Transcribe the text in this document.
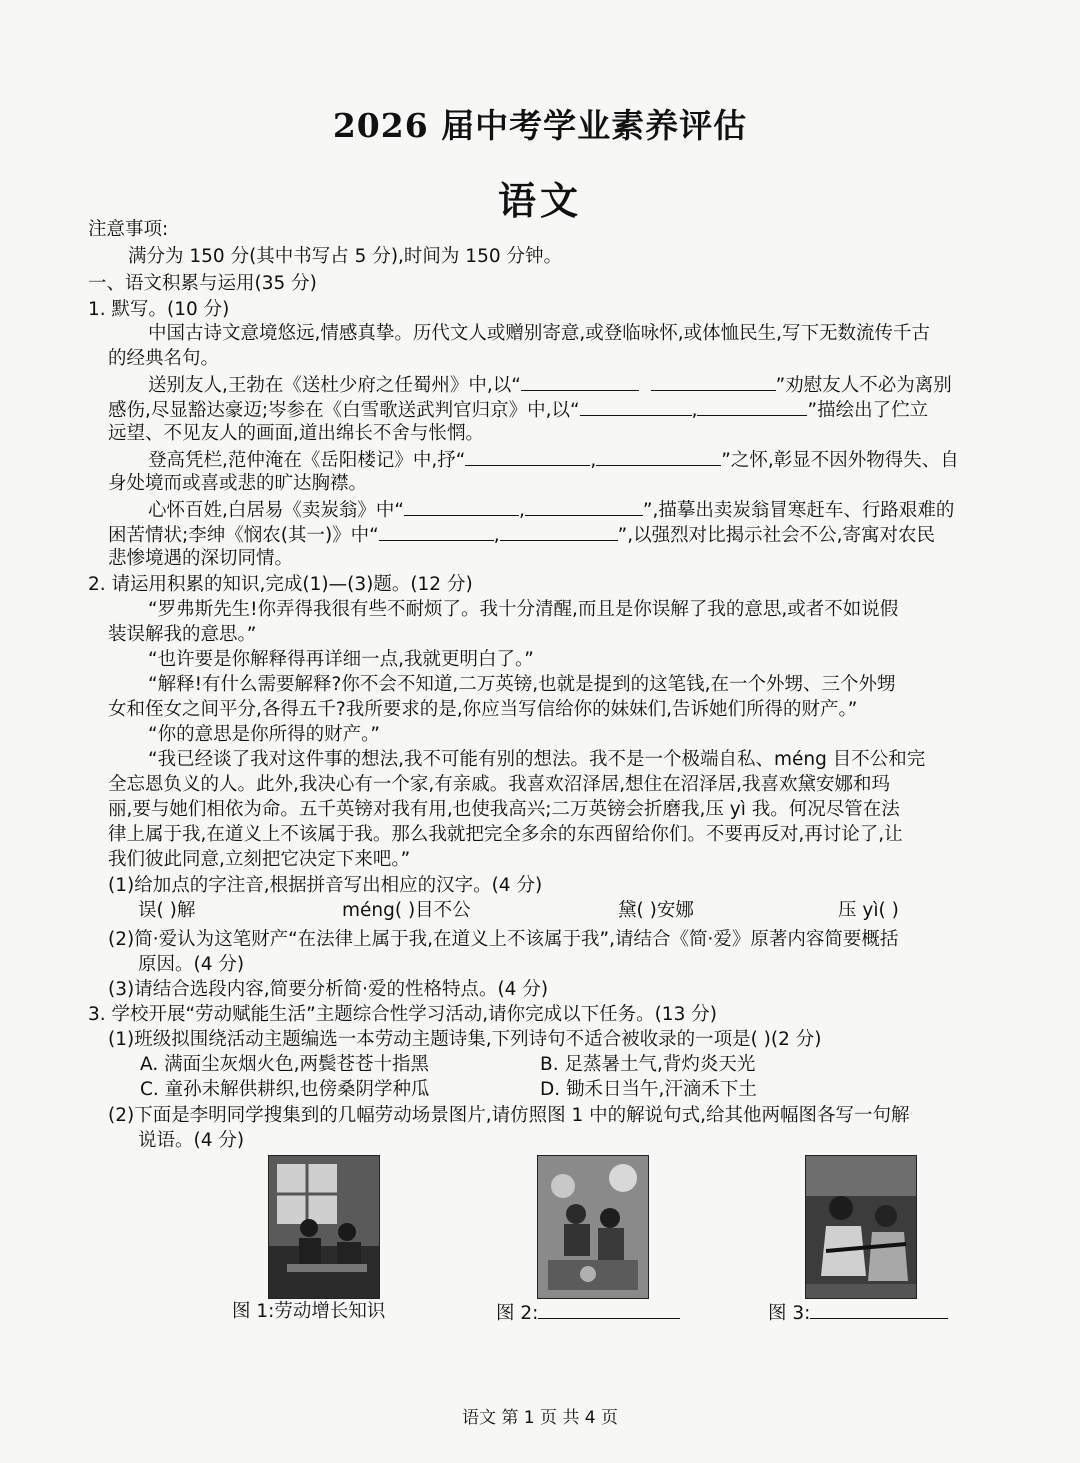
2026 届中考学业素养评估
语文
注意事项:
满分为 150 分(其中书写占 5 分),时间为 150 分钟。
一、语文积累与运用(35 分)
1. 默写。(10 分)
中国古诗文意境悠远,情感真挚。历代文人或赠别寄意,或登临咏怀,或体恤民生,写下无数流传千古
的经典名句。
送别友人,王勃在《送杜少府之任蜀州》中,以“	”劝慰友人不必为离别
感伤,尽显豁达豪迈;岑参在《白雪歌送武判官归京》中,以“	,	”描绘出了伫立
远望、不见友人的画面,道出绵长不舍与怅惘。
登高凭栏,范仲淹在《岳阳楼记》中,抒“	,	”之怀,彰显不因外物得失、自
身处境而或喜或悲的旷达胸襟。
心怀百姓,白居易《卖炭翁》中“	,	”,描摹出卖炭翁冒寒赶车、行路艰难的
困苦情状;李绅《悯农(其一)》中“	,	”,以强烈对比揭示社会不公,寄寓对农民
悲惨境遇的深切同情。
2. 请运用积累的知识,完成(1)—(3)题。(12 分)
“罗弗斯先生!你弄得我很有些不耐烦了。我十分清醒,而且是你误解了我的意思,或者不如说假
装误解我的意思。”
“也许要是你解释得再详细一点,我就更明白了。”
“解释!有什么需要解释?你不会不知道,二万英镑,也就是提到的这笔钱,在一个外甥、三个外甥
女和侄女之间平分,各得五千?我所要求的是,你应当写信给你的妹妹们,告诉她们所得的财产。”
“你的意思是你所得的财产。”
“我已经谈了我对这件事的想法,我不可能有别的想法。我不是一个极端自私、méng 目不公和完
全忘恩负义的人。此外,我决心有一个家,有亲戚。我喜欢沼泽居,想住在沼泽居,我喜欢黛安娜和玛
丽,要与她们相依为命。五千英镑对我有用,也使我高兴;二万英镑会折磨我,压 yì 我。何况尽管在法
律上属于我,在道义上不该属于我。那么我就把完全多余的东西留给你们。不要再反对,再讨论了,让
我们彼此同意,立刻把它决定下来吧。”
(1)给加点的字注音,根据拼音写出相应的汉字。(4 分)
误( )解	méng( )目不公	黛( )安娜	压 yì( )
(2)简·爱认为这笔财产“在法律上属于我,在道义上不该属于我”,请结合《简·爱》原著内容简要概括
原因。(4 分)
(3)请结合选段内容,简要分析简·爱的性格特点。(4 分)
3. 学校开展“劳动赋能生活”主题综合性学习活动,请你完成以下任务。(13 分)
(1)班级拟围绕活动主题编选一本劳动主题诗集,下列诗句不适合被收录的一项是( )(2 分)
A. 满面尘灰烟火色,两鬓苍苍十指黑	B. 足蒸暑土气,背灼炎天光
C. 童孙未解供耕织,也傍桑阴学种瓜	D. 锄禾日当午,汗滴禾下土
(2)下面是李明同学搜集到的几幅劳动场景图片,请仿照图 1 中的解说句式,给其他两幅图各写一句解
说语。(4 分)
图 1:劳动增长知识	图 2:	图 3:
语文 第 1 页 共 4 页
